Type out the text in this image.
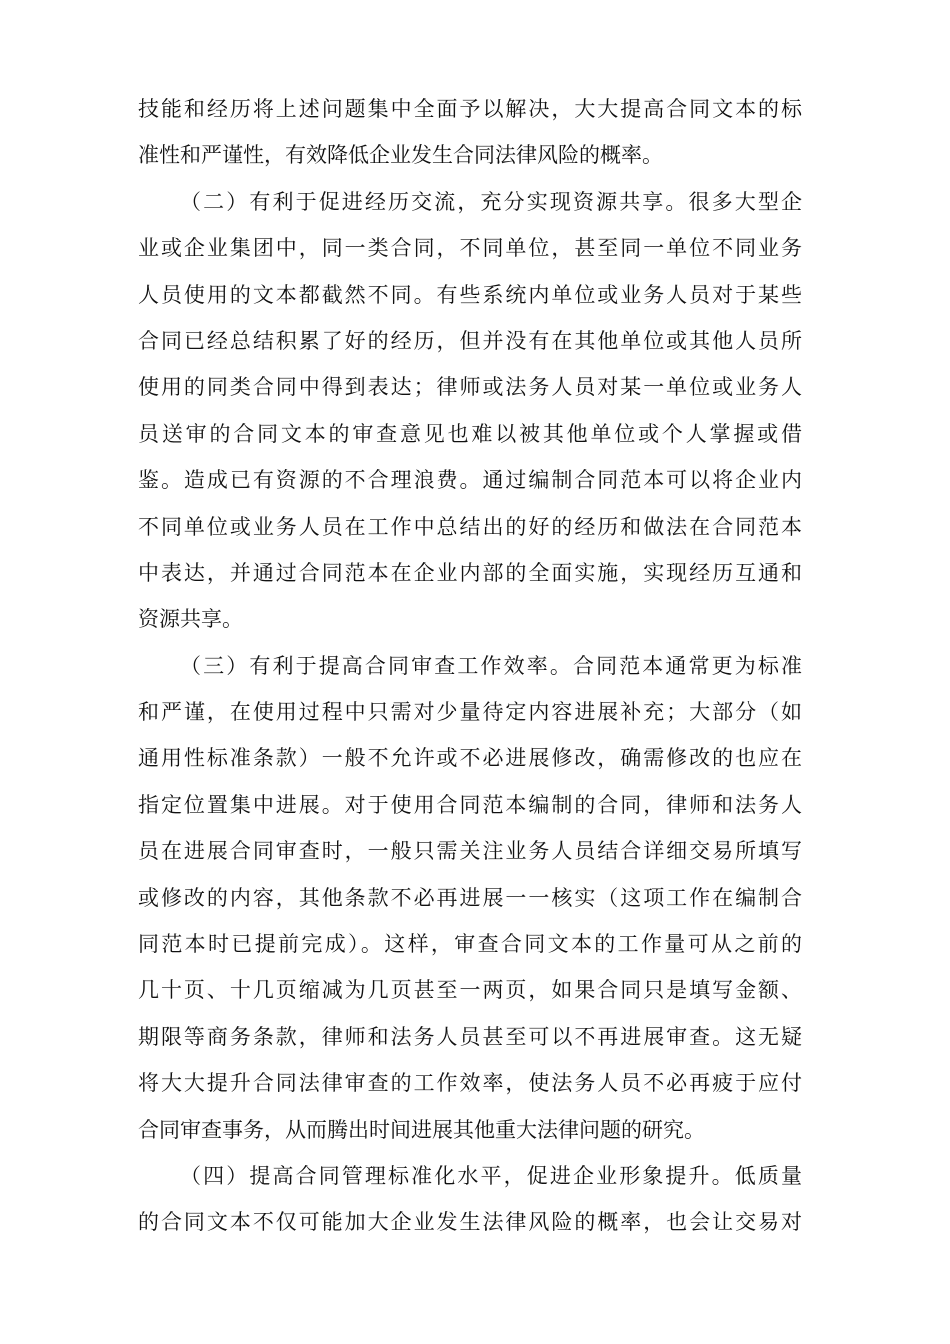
技能和经历将上述问题集中全面予以解决，大大提高合同文本的标
准性和严谨性，有效降低企业发生合同法律风险的概率。
（二）有利于促进经历交流，充分实现资源共享。很多大型企
业或企业集团中，同一类合同，不同单位，甚至同一单位不同业务
人员使用的文本都截然不同。有些系统内单位或业务人员对于某些
合同已经总结积累了好的经历，但并没有在其他单位或其他人员所
使用的同类合同中得到表达；律师或法务人员对某一单位或业务人
员送审的合同文本的审查意见也难以被其他单位或个人掌握或借
鉴。造成已有资源的不合理浪费。通过编制合同范本可以将企业内
不同单位或业务人员在工作中总结出的好的经历和做法在合同范本
中表达，并通过合同范本在企业内部的全面实施，实现经历互通和
资源共享。
（三）有利于提高合同审查工作效率。合同范本通常更为标准
和严谨，在使用过程中只需对少量待定内容进展补充；大部分（如
通用性标准条款）一般不允许或不必进展修改，确需修改的也应在
指定位置集中进展。对于使用合同范本编制的合同，律师和法务人
员在进展合同审查时，一般只需关注业务人员结合详细交易所填写
或修改的内容，其他条款不必再进展一一核实（这项工作在编制合
同范本时已提前完成）。这样，审查合同文本的工作量可从之前的
几十页、十几页缩减为几页甚至一两页，如果合同只是填写金额、
期限等商务条款，律师和法务人员甚至可以不再进展审查。这无疑
将大大提升合同法律审查的工作效率，使法务人员不必再疲于应付
合同审查事务，从而腾出时间进展其他重大法律问题的研究。
（四）提高合同管理标准化水平，促进企业形象提升。低质量
的合同文本不仅可能加大企业发生法律风险的概率，也会让交易对
